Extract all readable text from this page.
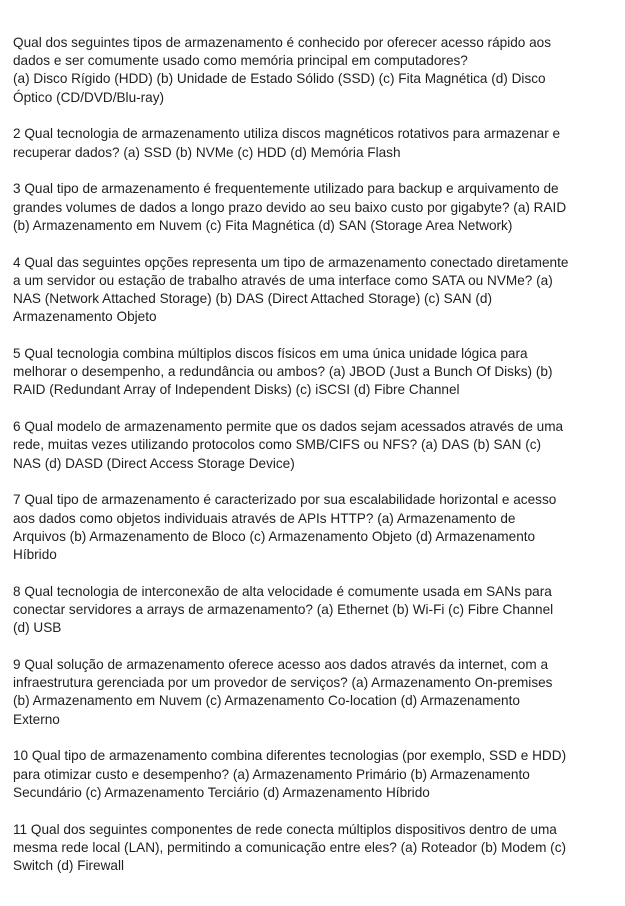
Qual dos seguintes tipos de armazenamento é conhecido por oferecer acesso rápido aos
dados e ser comumente usado como memória principal em computadores?
(a) Disco Rígido (HDD) (b) Unidade de Estado Sólido (SSD) (c) Fita Magnética (d) Disco
Óptico (CD/DVD/Blu-ray)

2 Qual tecnologia de armazenamento utiliza discos magnéticos rotativos para armazenar e
recuperar dados? (a) SSD (b) NVMe (c) HDD (d) Memória Flash

3 Qual tipo de armazenamento é frequentemente utilizado para backup e arquivamento de
grandes volumes de dados a longo prazo devido ao seu baixo custo por gigabyte? (a) RAID
(b) Armazenamento em Nuvem (c) Fita Magnética (d) SAN (Storage Area Network)

4 Qual das seguintes opções representa um tipo de armazenamento conectado diretamente
a um servidor ou estação de trabalho através de uma interface como SATA ou NVMe? (a)
NAS (Network Attached Storage) (b) DAS (Direct Attached Storage) (c) SAN (d)
Armazenamento Objeto

5 Qual tecnologia combina múltiplos discos físicos em uma única unidade lógica para
melhorar o desempenho, a redundância ou ambos? (a) JBOD (Just a Bunch Of Disks) (b)
RAID (Redundant Array of Independent Disks) (c) iSCSI (d) Fibre Channel

6 Qual modelo de armazenamento permite que os dados sejam acessados através de uma
rede, muitas vezes utilizando protocolos como SMB/CIFS ou NFS? (a) DAS (b) SAN (c)
NAS (d) DASD (Direct Access Storage Device)

7 Qual tipo de armazenamento é caracterizado por sua escalabilidade horizontal e acesso
aos dados como objetos individuais através de APIs HTTP? (a) Armazenamento de
Arquivos (b) Armazenamento de Bloco (c) Armazenamento Objeto (d) Armazenamento
Híbrido

8 Qual tecnologia de interconexão de alta velocidade é comumente usada em SANs para
conectar servidores a arrays de armazenamento? (a) Ethernet (b) Wi-Fi (c) Fibre Channel
(d) USB

9 Qual solução de armazenamento oferece acesso aos dados através da internet, com a
infraestrutura gerenciada por um provedor de serviços? (a) Armazenamento On-premises
(b) Armazenamento em Nuvem (c) Armazenamento Co-location (d) Armazenamento
Externo

10 Qual tipo de armazenamento combina diferentes tecnologias (por exemplo, SSD e HDD)
para otimizar custo e desempenho? (a) Armazenamento Primário (b) Armazenamento
Secundário (c) Armazenamento Terciário (d) Armazenamento Híbrido

11 Qual dos seguintes componentes de rede conecta múltiplos dispositivos dentro de uma
mesma rede local (LAN), permitindo a comunicação entre eles? (a) Roteador (b) Modem (c)
Switch (d) Firewall
